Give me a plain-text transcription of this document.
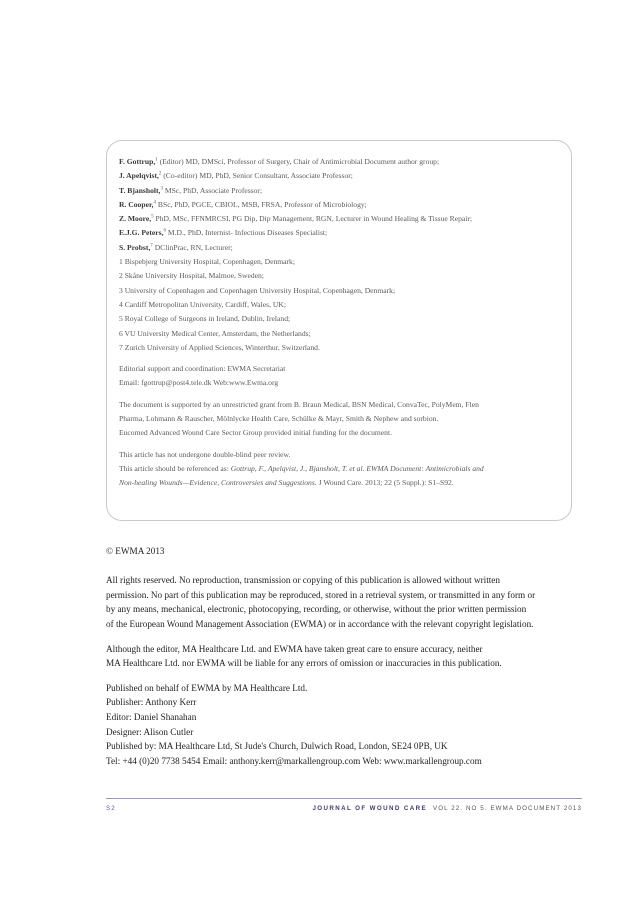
F. Gottrup,$^1$ (Editor) MD, DMSci, Professor of Surgery, Chair of Antimicrobial Document author group;
J. Apelqvist,$^2$ (Co-editor) MD, PhD, Senior Consultant, Associate Professor;
T. Bjansholt,$^3$ MSc, PhD, Associate Professor;
R. Cooper,$^4$ BSc, PhD, PGCE, CBIOL, MSB, FRSA, Professor of Microbiology;
Z. Moore,$^5$ PhD, MSc, FFNMRCSI, PG Dip, Dip Management, RGN, Lecturer in Wound Healing & Tissue Repair;
E.J.G. Peters,$^6$ M.D., PhD, Internist- Infectious Diseases Specialist;
S. Probst,$^7$ DClinPrac, RN, Lecturer;
1 Bispebjerg University Hospital, Copenhagen, Denmark;
2 Skåne University Hospital, Malmoe, Sweden;
3 University of Copenhagen and Copenhagen University Hospital, Copenhagen, Denmark;
4 Cardiff Metropolitan University, Cardiff, Wales, UK;
5 Royal College of Surgeons in Ireland, Dublin, Ireland;
6 VU University Medical Center, Amsterdam, the Netherlands;
7 Zurich University of Applied Sciences, Winterthur, Switzerland.
Editorial support and coordination: EWMA Secretariat
Email: fgottrup@post4.tele.dk Web:www.Ewma.org
The document is supported by an unrestricted grant from B. Braun Medical, BSN Medical, ConvaTec, PolyMem, Flen
Pharma, Lohmann & Rauscher, Mölnlycke Health Care, Schülke & Mayr, Smith & Nephew and sorbion.
Eucomed Advanced Wound Care Sector Group provided initial funding for the document.
This article has not undergone double-blind peer review.
This article should be referenced as: Gottrup, F., Apelqvist, J., Bjansholt, T. et al. EWMA Document: Antimicrobials and
Non-healing Wounds—Evidence, Controversies and Suggestions. J Wound Care. 2013; 22 (5 Suppl.): S1–S92.

© EWMA 2013

All rights reserved. No reproduction, transmission or copying of this publication is allowed without written

permission. No part of this publication may be reproduced, stored in a retrieval system, or transmitted in any form or

by any means, mechanical, electronic, photocopying, recording, or otherwise, without the prior written permission

of the European Wound Management Association (EWMA) or in accordance with the relevant copyright legislation.

Although the editor, MA Healthcare Ltd. and EWMA have taken great care to ensure accuracy, neither

MA Healthcare Ltd. nor EWMA will be liable for any errors of omission or inaccuracies in this publication.

Published on behalf of EWMA by MA Healthcare Ltd.

Publisher: Anthony Kerr

Editor: Daniel Shanahan

Designer: Alison Cutler

Published by: MA Healthcare Ltd, St Jude's Church, Dulwich Road, London, SE24 0PB, UK

Tel: +44 (0)20 7738 5454 Email: anthony.kerr@markallengroup.com Web: www.markallengroup.com

S2	JOURNAL OF WOUND CARE VOL 22. NO 5. EWMA DOCUMENT 2013
